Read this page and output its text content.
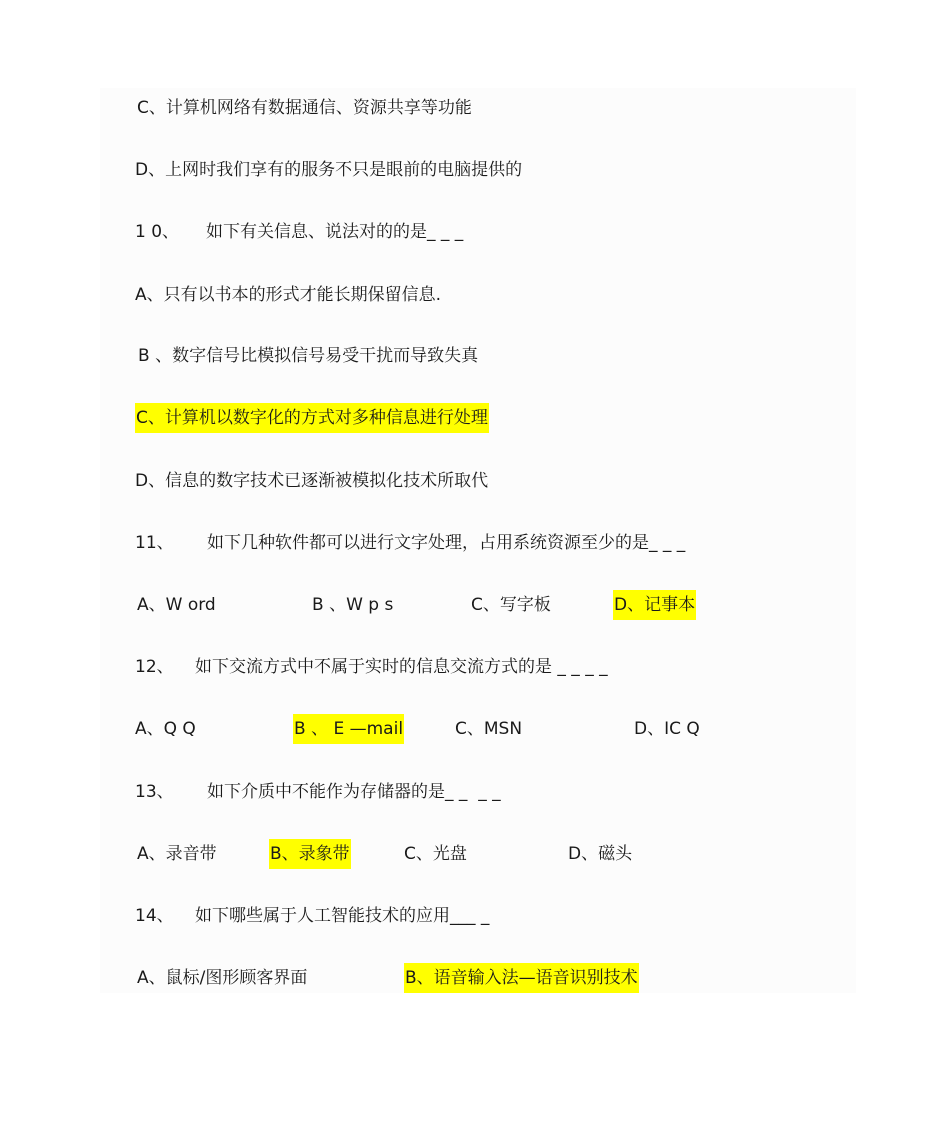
C、计算机网络有数据通信、资源共享等功能
D、上网时我们享有的服务不只是眼前的电脑提供的
1 0、 如下有关信息、说法对的的是_ _ _
A、只有以书本的形式才能长期保留信息.
B 、数字信号比模拟信号易受干扰而导致失真
C、计算机以数字化的方式对多种信息进行处理
D、信息的数字技术已逐渐被模拟化技术所取代
11、 如下几种软件都可以进行文字处理，占用系统资源至少的是_ _ _
A、W ord	B 、W p s	C、写字板	D、记事本
12、 如下交流方式中不属于实时的信息交流方式的是 _ _ _ _
A、Q Q	B 、 E —mail	C、MSN	D、IC Q
13、 如下介质中不能作为存储器的是_ _  _ _
A、录音带	B、录象带	C、光盘	D、磁头
14、 如下哪些属于人工智能技术的应用___ _
A、鼠标/图形顾客界面	B、语音输入法—语音识别技术
